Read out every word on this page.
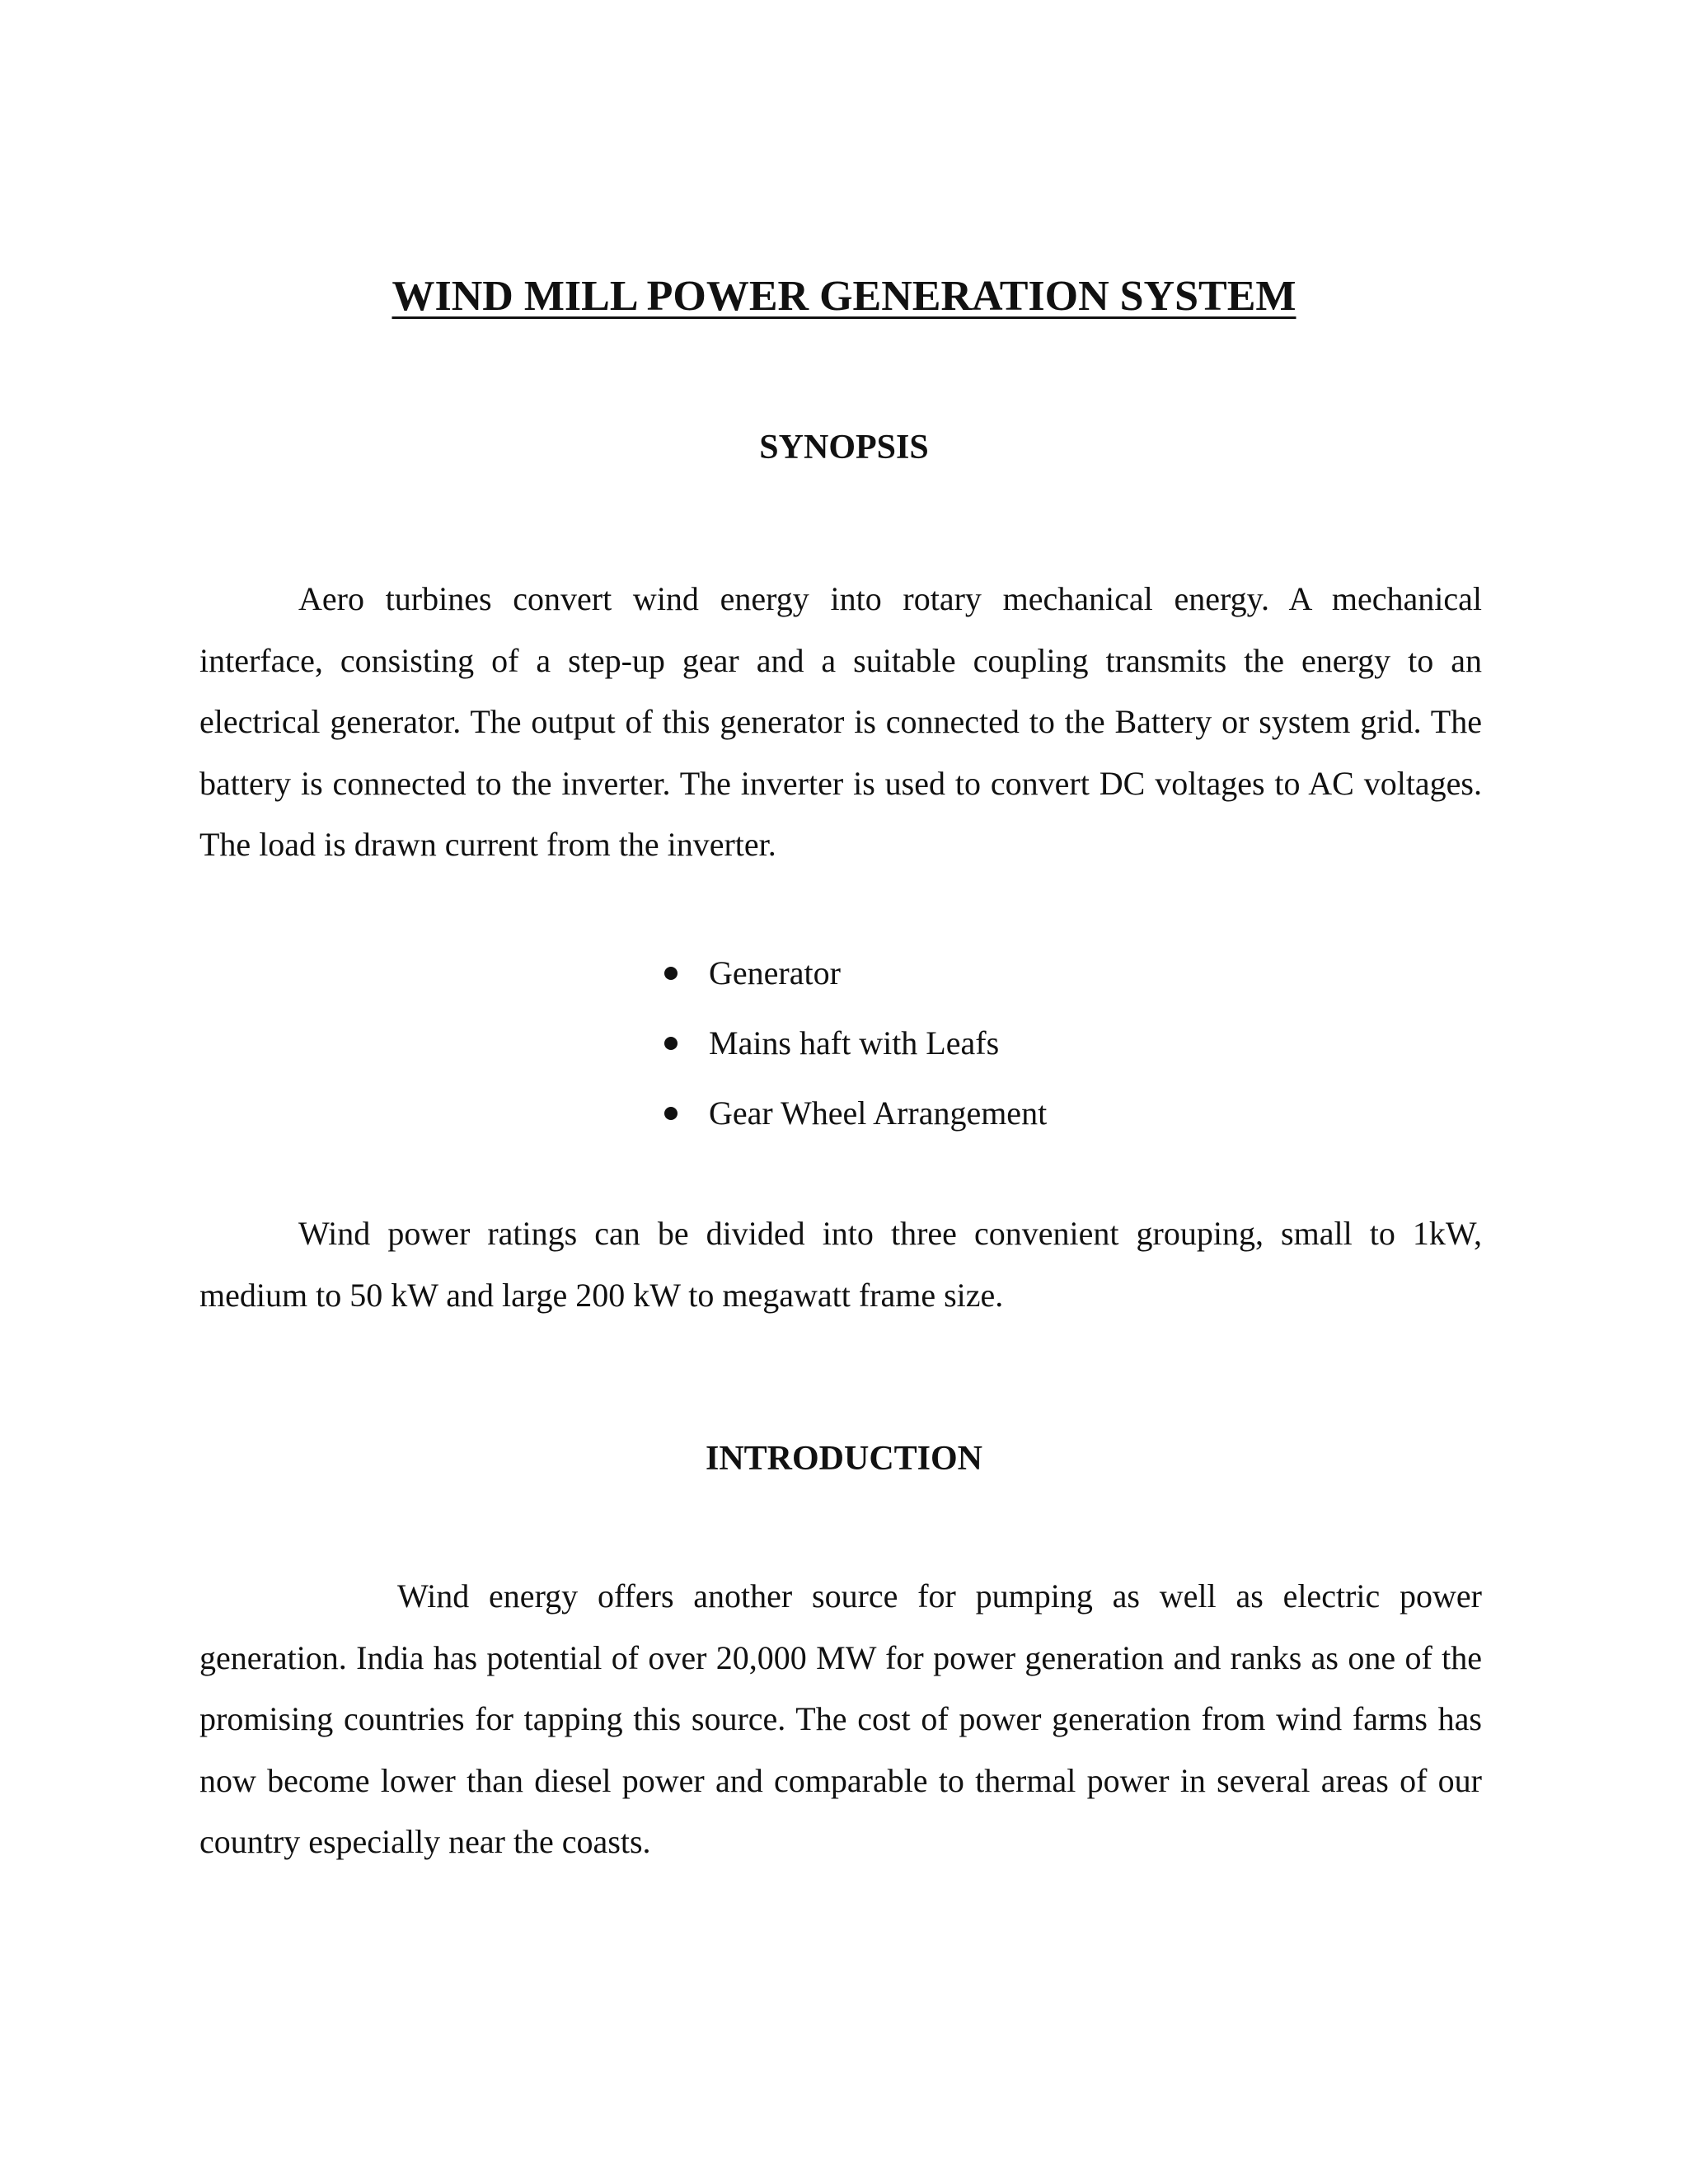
WIND MILL POWER GENERATION SYSTEM
SYNOPSIS

Aero turbines convert wind energy into rotary mechanical energy. A mechanical interface, consisting of a step-up gear and a suitable coupling transmits the energy to an electrical generator. The output of this generator is connected to the Battery or system grid. The battery is connected to the inverter. The inverter is used to convert DC voltages to AC voltages. The load is drawn current from the inverter.

Generator
Mains haft with Leafs
Gear Wheel Arrangement

Wind power ratings can be divided into three convenient grouping, small to 1kW, medium to 50 kW and large 200 kW to megawatt frame size.

INTRODUCTION

Wind energy offers another source for pumping as well as electric power generation. India has potential of over 20,000 MW for power generation and ranks as one of the promising countries for tapping this source. The cost of power generation from wind farms has now become lower than diesel power and comparable to thermal power in several areas of our country especially near the coasts.
